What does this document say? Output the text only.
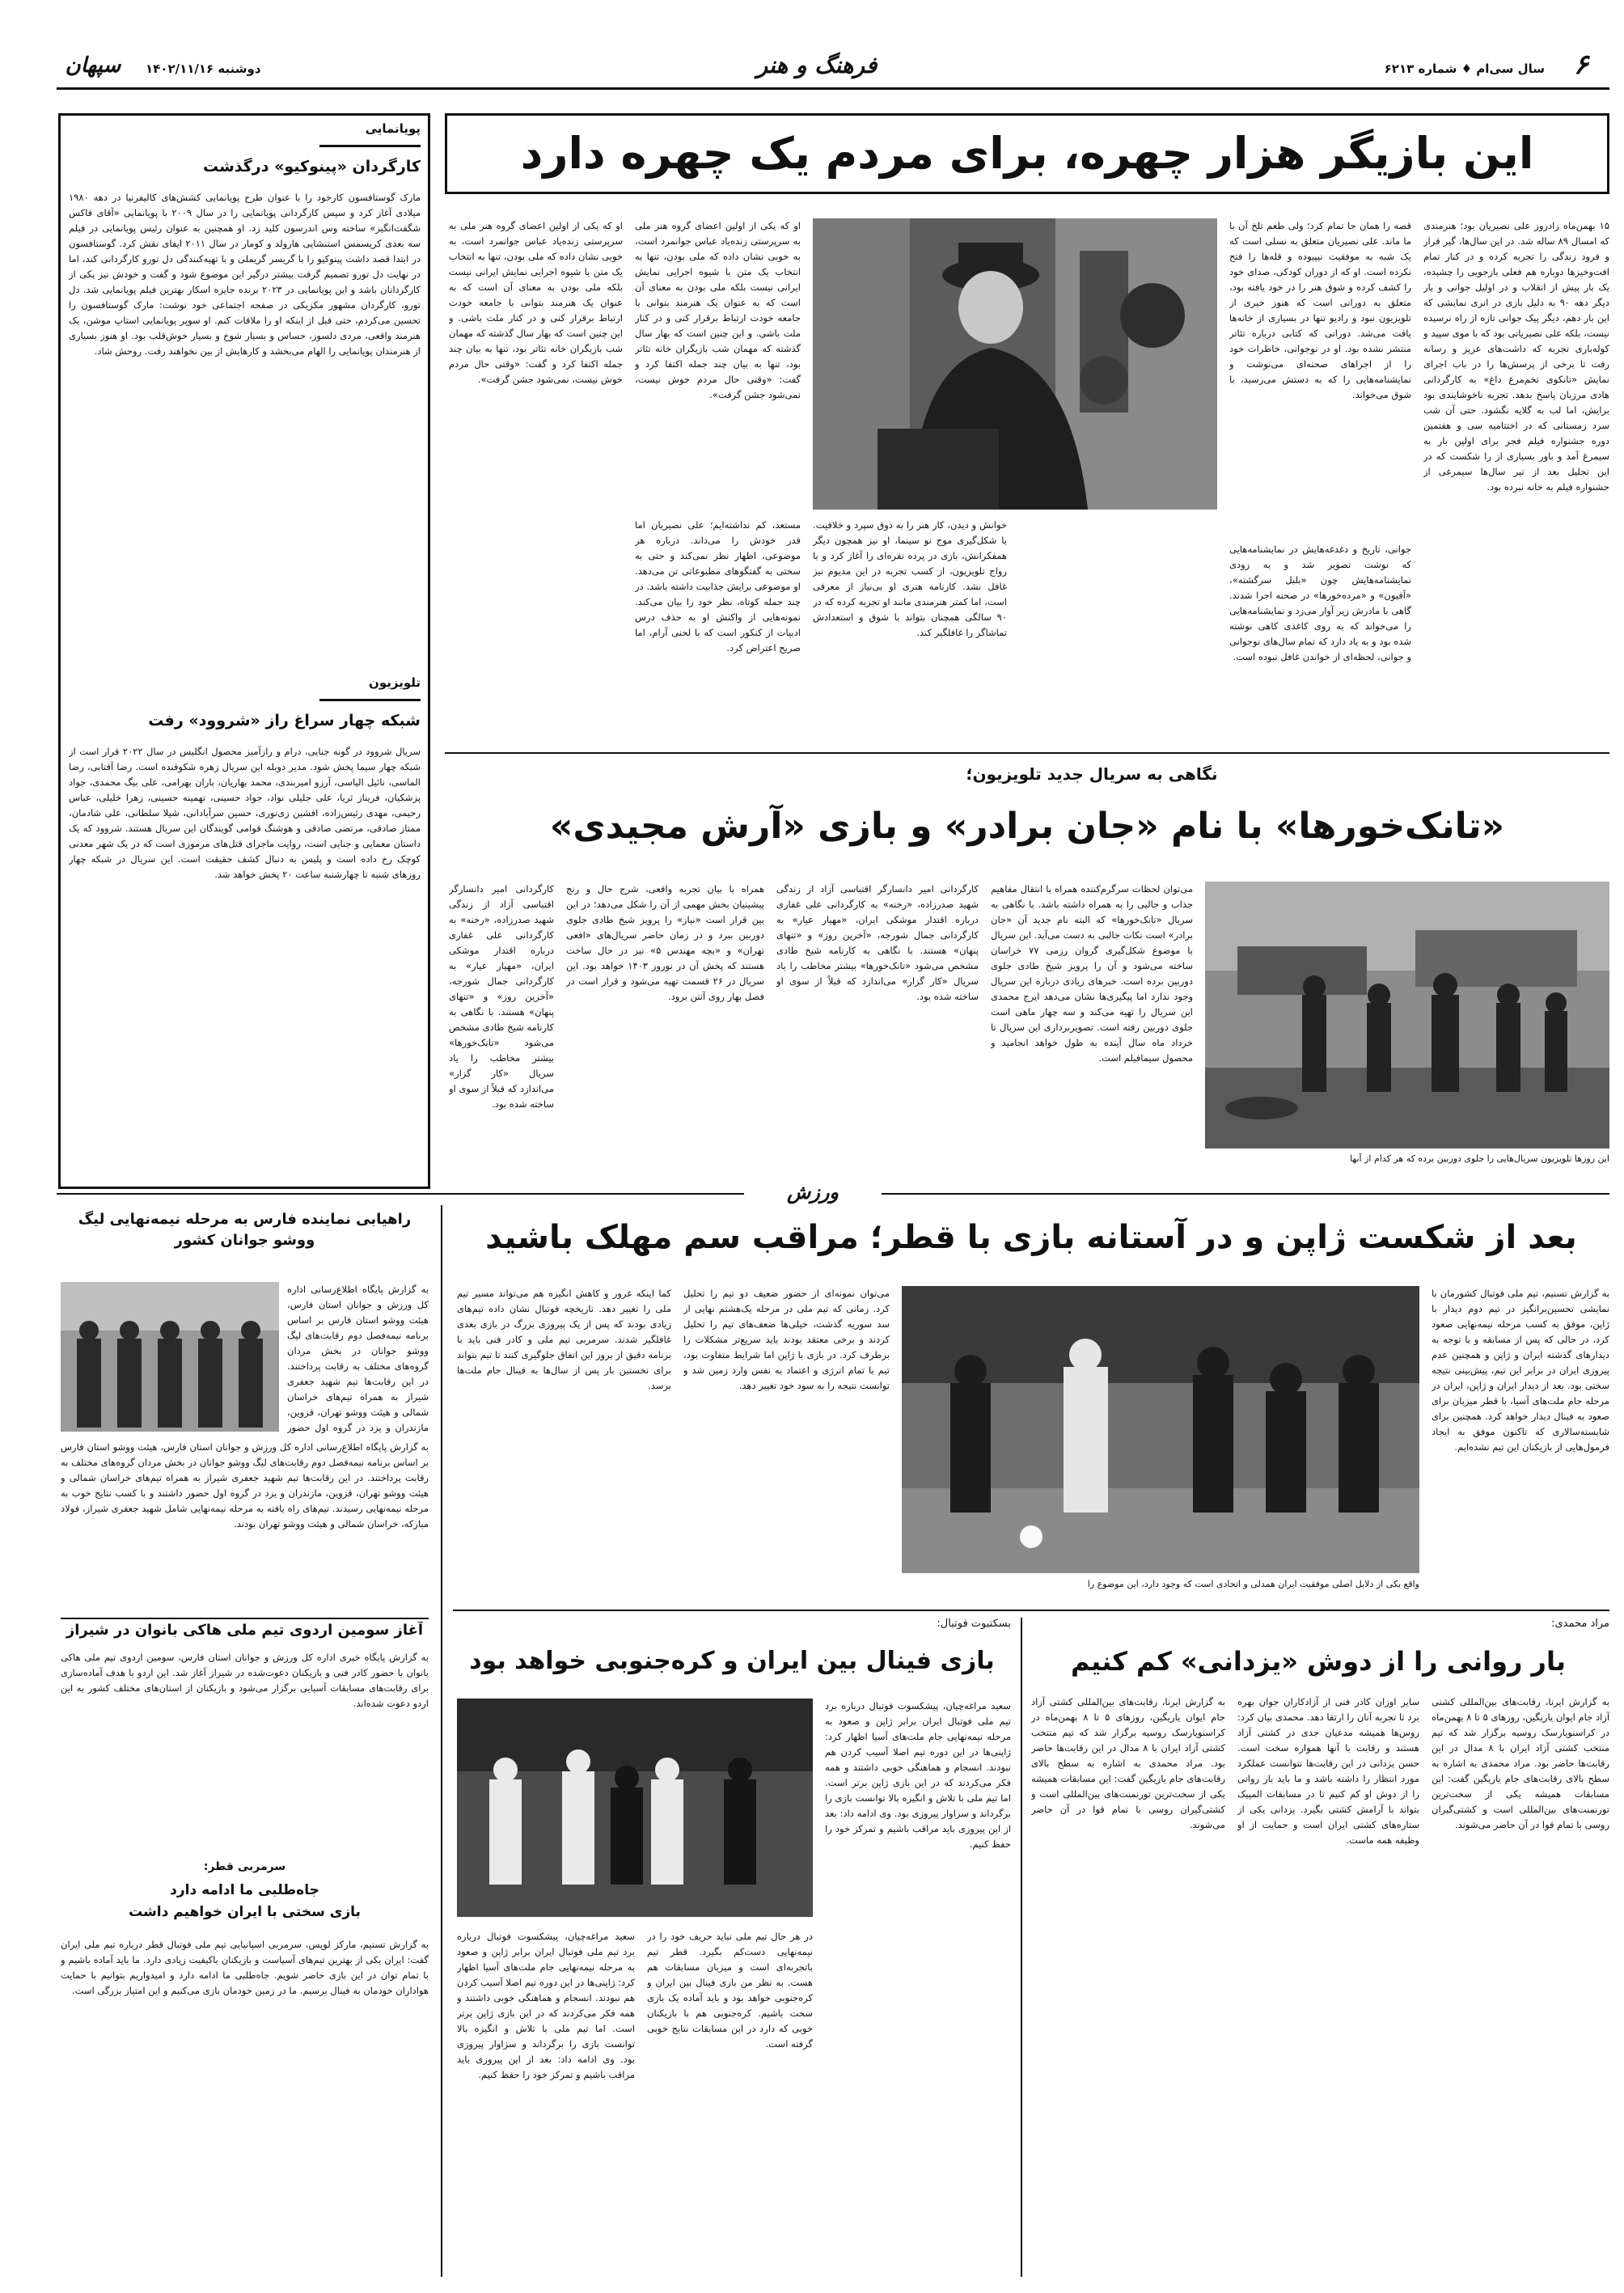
۶
سال سی‌ام ♦ شماره ۶۲۱۳
فرهنگ و هنر
دوشنبه ۱۴۰۲/۱۱/۱۶
سپهان
پویانمایی
کارگردان «پینوکیو» درگذشت
مارک گوستافسون کارخود را با عنوان طرح پویانمایی کشش‌های کالیفرنیا در دهه ۱۹۸۰ میلادی آغاز کرد و سپس کارگردانی پویانمایی را در سال ۲۰۰۹ با پویانمایی «آقای فاکس شگفت‌انگیز» ساخته وس اندرسون کلید زد. او همچنین به عنوان رئیس پویانمایی در فیلم سه بعدی کریسمس استنشایی هارولد و کومار در سال ۲۰۱۱ ایفای نقش کرد. گوستافسون در ابتدا قصد داشت پینوکیو را با گریسر گریملی و با تهیه‌کنندگی دل تورو کارگردانی کند، اما در نهایت دل تورو تصمیم گرفت بیشتر درگیر این موضوع شود و گفت و خودش نیز یکی از کارگردانان باشد و این پویانمایی در ۲۰۲۳ برنده جایزه اسکار بهترین فیلم پویانمایی شد. دل تورو، کارگردان مشهور مکزیکی در صفحه اجتماعی خود نوشت: مارک گوستافسون را تحسین می‌کردم، حتی قبل از اینکه او را ملاقات کنم. او سوپر پویانمایی استاپ موشن، یک هنرمند واقعی، مردی دلسوز، حساس و بسیار شوخ و بسیار خوش‌قلب بود. او هنوز بسیاری از هنرمندان پویانمایی را الهام می‌بخشد و کارهایش از بین نخواهند رفت. روحش شاد.
تلویزیون
شبکه چهار سراغ راز «شروود» رفت
سریال شروود در گونه جنایی، درام و رازآمیز محصول انگلیس در سال ۲۰۲۲ قرار است از شبکه چهار سیما پخش شود. مدیر دوبله این سریال زهره شکوفنده است. رضا آفتابی، رضا الماسی، نائیل الیاسی، آرزو امیربندی، محمد بهاریان، باران بهرامی، علی بیگ محمدی، جواد پزشکیان، فریناز ثریا، علی جلیلی نواد، جواد حسینی، تهمینه حسینی، زهرا خلیلی، عباس رحیمی، مهدی رئیس‌زاده، افشین زی‌نوری، حسین سرآبادانی، شیلا سلطانی، علی شادمان، ممتاز صادقی، مرتضی صادقی و هوشنگ قوامی گویندگان این سریال هستند. شروود که یک داستان معمایی و جنایی است، روایت ماجرای قتل‌های مرموزی است که در یک شهر معدنی کوچک رخ داده است و پلیس به دنبال کشف حقیقت است. این سریال در شبکه چهار روزهای شنبه تا چهارشنبه ساعت ۲۰ پخش خواهد شد.
این بازیگر هزار چهره، برای مردم یک چهره دارد
۱۵ بهمن‌ماه زادروز علی نصیریان بود؛ هنرمندی که امسال ۸۹ ساله شد. در این سال‌ها، گیر قرار و فرود زندگی را تجربه کرده و در کنار تمام افت‌وخیزها دوباره هم فعلی بازجویی را چشیده، یک بار پیش از انقلاب و در اولیل جوانی و بار دیگر دهه ۹۰ به دلیل بازی در انری نمایشی که این بار دهم، دیگر پیک جوانی تازه از راه نرسیده نیست، بلکه علی نصیریانی بود که با موی سپید و کوله‌باری تجربه که داشت‌های عریز و رسانه رفت تا برخی از پرسش‌ها را در باب اجرای نمایش «تانکوی تخم‌مرغ داغ» به کارگردانی هادی مرزبان پاسخ بدهد. تجربه ناخوشایندی بود برایش، اما لب به گلایه نگشود. حتی آن شب سرد زمستانی که در اختتامیه سی و هفتمین دوره جشنواره فیلم فجر برای اولین بار به سیمرغ آمد و باور بسیاری از را شکست که در این تجلیل بعد از تیر سال‌ها سیمرغی از جشنواره فیلم به خانه نبرده بود.
قصه را همان جا تمام کرد؛ ولی طعم تلخ آن با ما ماند. علی نصیریان متعلق به نسلی است که یک شبه به موفقیت نیپیوده و قله‌ها را فتح نکرده است. او که از دوران کودکی، صدای خود را کشف کرده و شوق هنر را در خود یافته بود، متعلق به دورانی است که هنوز خبری از تلویزیون نبود و رادیو تنها در بسیاری از خانه‌ها یافت می‌شد. دورانی که کتابی درباره تئاتر منتشر نشده بود. او در نوجوانی، خاطرات خود را از اجراهای صحنه‌ای می‌نوشت و نمایشنامه‌هایی را که به دستش می‌رسید، با شوق می‌خواند.
جوانی، تاریخ و دغدغه‌هایش در نمایشنامه‌هایی که نوشت تصویر شد و به زودی نمایشنامه‌هایش چون «بلبل سرگشته»، «آفیون» و «مرده‌خورها» در صحنه اجرا شدند. گاهی با مادرش زیر آوار می‌زد و نمایشنامه‌هایی را می‌خواند که به روی کاغذی کاهی نوشته شده بود و به یاد دارد که تمام سال‌های نوجوانی و جوانی، لحظه‌ای از خواندن غافل نبوده است.
خوانش و دیدن، کار هنر را به ذوق سپرد و خلاقیت. با شکل‌گیری موج نو سینما، او نیز همچون دیگر همفکرانش، بازی در پرده نقره‌ای را آغاز کرد و با رواج تلویزیون، از کسب تجربه در این مدیوم نیز غافل نشد. کارنامه هنری او بی‌نیاز از معرفی است، اما کمتر هنرمندی مانند او تجربه کرده که در ۹۰ سالگی همچنان بتواند با شوق و استعدادش تماشاگر را غافلگیر کند.
مستعد، کم نداشته‌ایم؛ علی نصیریان اما قدر خودش را می‌داند. درباره هر موضوعی، اظهار نظر نمی‌کند و حتی به سختی به گفتگوهای مطبوعاتی تن می‌دهد. او موضوعی برایش جذابیت داشته باشد. در چند جمله کوتاه، نظر خود را بیان می‌کند. نمونه‌هایی از واکنش او به حذف درس ادبیات از کنکور است که با لحنی آرام، اما صریح اعتراض کرد.
او که یکی از اولین اعضای گروه هنر ملی به سرپرستی زنده‌یاد عباس جوانمرد است، به خوبی نشان داده که ملی بودن، تنها به انتخاب یک متن با شیوه اجرایی نمایش ایرانی نیست بلکه ملی بودن به معنای آن است که به عنوان یک هنرمند بتوانی با جامعه خودت ارتباط برقرار کنی و در کنار ملت باشی. و این چنین است که بهار سال گذشته که مهمان شب بازیگران خانه تئاتر بود، تنها به بیان چند جمله اکتفا کرد و گفت: «وقتی حال مردم خوش نیست، نمی‌شود جشن گرفت».
او که یکی از اولین اعضای گروه هنر ملی به سرپرستی زنده‌یاد عباس جوانمرد است، به خوبی نشان داده که ملی بودن، تنها به انتخاب یک متن با شیوه اجرایی نمایش ایرانی نیست بلکه ملی بودن به معنای آن است که به عنوان یک هنرمند بتوانی با جامعه خودت ارتباط برقرار کنی و در کنار ملت باشی. و این چنین است که بهار سال گذشته که مهمان شب بازیگران خانه تئاتر بود، تنها به بیان چند جمله اکتفا کرد و گفت: «وقتی حال مردم خوش نیست، نمی‌شود جشن گرفت».
نگاهی به سریال جدید تلویزیون؛
«تانک‌خورها» با نام «جان برادر» و بازی «آرش مجیدی»
این روزها تلویزیون سریال‌هایی را جلوی دوربین برده که هر کدام از آنها
می‌توان لحظات سرگرم‌کننده همراه با انتقال مفاهیم جذاب و جالبی را به همراه داشته باشد. با نگاهی به سریال «تانک‌خورها» که البته نام جدید آن «جان برادر» است نکات جالبی به دست می‌آید. این سریال با موضوع شکل‌گیری گروان رزمی ۷۷ خراسان ساخته می‌شود و آن را پرویز شیخ طادی جلوی دوربین برده است. خبرهای زیادی درباره این سریال وجود ندارد اما پیگیری‌ها نشان می‌دهد ایرج محمدی این سریال را تهیه می‌کند و سه چهار ماهی است جلوی دوربین رفته است. تصویربرداری این سریال تا خرداد ماه سال آینده به طول خواهد انجامید و محصول سیمافیلم است.
کارگردانی امیر دانسارگر اقتباسی آزاد از زندگی شهید صدرزاده، «رخنه» به کارگردانی علی غفاری درباره اقتدار موشکی ایران، «مهیار عیار» به کارگردانی جمال شورجه، «آخرین روز» و «تنهای پنهان» هستند. با نگاهی به کارنامه شیخ طادی مشخص می‌شود «تانک‌خورها» بیشتر مخاطب را یاد سریال «کار گزار» می‌اندازد که قبلاً از سوی او ساخته شده بود.
همراه با بیان تجربه واقعی، شرح حال و رنج پیشینیان بخش مهمی از آن را شکل می‌دهد؛ در این بین قرار است «نیاز» را پرویز شیخ طادی جلوی دوربین ببرد و در زمان حاضر سریال‌های «افعی تهران» و «بچه مهندس ۵» نیز در حال ساخت هستند که پخش آن در نوروز ۱۴۰۳ خواهد بود. این سریال در ۲۶ قسمت تهیه می‌شود و قرار است در فصل بهار روی آنتن برود.
کارگردانی امیر دانسارگر اقتباسی آزاد از زندگی شهید صدرزاده، «رخنه» به کارگردانی علی غفاری درباره اقتدار موشکی ایران، «مهیار عیار» به کارگردانی جمال شورجه، «آخرین روز» و «تنهای پنهان» هستند. با نگاهی به کارنامه شیخ طادی مشخص می‌شود «تانک‌خورها» بیشتر مخاطب را یاد سریال «کار گزار» می‌اندازد که قبلاً از سوی او ساخته شده بود.
ورزش
راهیابی نماینده فارس به مرحله نیمه‌نهایی لیگ ووشو جوانان کشور
به گزارش پایگاه اطلاع‌رسانی اداره کل ورزش و جوانان استان فارس، هیئت ووشو استان فارس بر اساس برنامه نیمه‌فصل دوم رقابت‌های لیگ ووشو جوانان در بخش مردان گروه‌های مختلف به رقابت پرداختند. در این رقابت‌ها تیم شهید جعفری شیراز به همراه تیم‌های خراسان شمالی و هیئت ووشو تهران، قزوین، مازندران و یزد در گروه اول حضور
به گزارش پایگاه اطلاع‌رسانی اداره کل ورزش و جوانان استان فارس، هیئت ووشو استان فارس بر اساس برنامه نیمه‌فصل دوم رقابت‌های لیگ ووشو جوانان در بخش مردان گروه‌های مختلف به رقابت پرداختند. در این رقابت‌ها تیم شهید جعفری شیراز به همراه تیم‌های خراسان شمالی و هیئت ووشو تهران، قزوین، مازندران و یزد در گروه اول حضور داشتند و با کسب نتایج خوب به مرحله نیمه‌نهایی رسیدند. تیم‌های راه یافته به مرحله نیمه‌نهایی شامل شهید جعفری شیراز، فولاد مبارکه، خراسان شمالی و هیئت ووشو تهران بودند.
آغاز سومین اردوی تیم ملی هاکی بانوان در شیراز
به گزارش پایگاه خبری اداره کل ورزش و جوانان استان فارس، سومین اردوی تیم ملی هاکی بانوان با حضور کادر فنی و بازیکنان دعوت‌شده در شیراز آغاز شد. این اردو با هدف آماده‌سازی برای رقابت‌های مسابقات آسیایی برگزار می‌شود و بازیکنان از استان‌های مختلف کشور به این اردو دعوت شده‌اند.
سرمربی قطر:
جاه‌طلبی ما ادامه دارد
بازی سختی با ایران خواهیم داشت
به گزارش تسنیم، مارکز لوپس، سرمربی اسپانیایی تیم ملی فوتبال قطر درباره تیم ملی ایران گفت: ایران یکی از بهترین تیم‌های آسیاست و بازیکنان باکیفیت زیادی دارد. ما باید آماده باشیم و با تمام توان در این بازی حاضر شویم. جاه‌طلبی ما ادامه دارد و امیدواریم بتوانیم با حمایت هواداران خودمان به فینال برسیم. ما در زمین خودمان بازی می‌کنیم و این امتیاز بزرگی است.
بعد از شکست ژاپن و در آستانه بازی با قطر؛ مراقب سم مهلک باشید
به گزارش تسنیم، تیم ملی فوتبال کشورمان با نمایشی تحسین‌برانگیز در تیم دوم دیدار با ژاپن، موفق به کسب مرحله نیمه‌نهایی صعود کرد، در حالی که پس از مسابقه و با توجه به دیدارهای گذشته ایران و ژاپن و همچنین عدم پیروزی ایران در برابر این تیم، پیش‌بینی نتیجه سختی بود. بعد از دیدار ایران و ژاپن، ایران در مرحله جام ملت‌های آسیا، با قطر میزبان برای صعود به فینال دیدار خواهد کرد. همچنین برای شایسته‌سالاری که تاکنون موفق به ایجاد فرمول‌هایی از بازیکنان این تیم نشده‌ایم.
واقع یکی از دلایل اصلی موفقیت ایران همدلی و اتحادی است که وجود دارد، این موضوع را
می‌توان نمونه‌ای از حضور ضعیف دو تیم را تحلیل کرد. زمانی که تیم ملی در مرحله یک‌هشتم نهایی از سد سوریه گذشت، خیلی‌ها ضعف‌های تیم را تحلیل کردند و برخی معتقد بودند باید سریع‌تر مشکلات را برطرف کرد. در بازی با ژاپن اما شرایط متفاوت بود، تیم با تمام انرژی و اعتماد به نفس وارد زمین شد و توانست نتیجه را به سود خود تغییر دهد.
کما اینکه غرور و کاهش انگیزه هم می‌تواند مسیر تیم ملی را تغییر دهد. تاریخچه فوتبال نشان داده تیم‌های زیادی بودند که پس از یک پیروزی بزرگ در بازی بعدی غافلگیر شدند. سرمربی تیم ملی و کادر فنی باید با برنامه دقیق از بروز این اتفاق جلوگیری کنند تا تیم بتواند برای نخستین بار پس از سال‌ها به فینال جام ملت‌ها برسد.
مراد محمدی:
بار روانی را از دوش «یزدانی» کم کنیم
به گزارش ایرنا، رقابت‌های بین‌المللی کشتی آزاد جام ایوان یاریگین، روزهای ۵ تا ۸ بهمن‌ماه در کراسنویارسک روسیه برگزار شد که تیم منتخب کشتی آزاد ایران با ۸ مدال در این رقابت‌ها حاضر بود. مراد محمدی به اشاره به سطح بالای رقابت‌های جام یاریگین گفت: این مسابقات همیشه یکی از سخت‌ترین تورنمنت‌های بین‌المللی است و کشتی‌گیران روسی با تمام قوا در آن حاضر می‌شوند.
سایر اوزان کادر فنی از آزادکاران جوان بهره برد تا تجربه آنان را ارتقا دهد. محمدی بیان کرد: روس‌ها همیشه مدعیان جدی در کشتی آزاد هستند و رقابت با آنها همواره سخت است. حسن یزدانی در این رقابت‌ها نتوانست عملکرد مورد انتظار را داشته باشد و ما باید بار روانی را از دوش او کم کنیم تا در مسابقات المپیک بتواند با آرامش کشتی بگیرد. یزدانی یکی از ستاره‌های کشتی ایران است و حمایت از او وظیفه همه ماست.
به گزارش ایرنا، رقابت‌های بین‌المللی کشتی آزاد جام ایوان یاریگین، روزهای ۵ تا ۸ بهمن‌ماه در کراسنویارسک روسیه برگزار شد که تیم منتخب کشتی آزاد ایران با ۸ مدال در این رقابت‌ها حاضر بود. مراد محمدی به اشاره به سطح بالای رقابت‌های جام یاریگین گفت: این مسابقات همیشه یکی از سخت‌ترین تورنمنت‌های بین‌المللی است و کشتی‌گیران روسی با تمام قوا در آن حاضر می‌شوند.
بسکتبوت فوتبال:
بازی فینال بین ایران و کره‌جنوبی خواهد بود
سعید مراغه‌چیان، پیشکسوت فوتبال درباره برد تیم ملی فوتبال ایران برابر ژاپن و صعود به مرحله نیمه‌نهایی جام ملت‌های آسیا اظهار کرد: ژاپنی‌ها در این دوره تیم اصلا آسیب کردن هم نبودند. انسجام و هماهنگی خوبی داشتند و همه فکر می‌کردند که در این بازی ژاپن برتر است. اما تیم ملی با تلاش و انگیزه بالا توانست بازی را برگرداند و سزاوار پیروزی بود. وی ادامه داد: بعد از این پیروزی باید مراقب باشیم و تمرکز خود را حفظ کنیم.
در هر حال تیم ملی نباید حریف خود را در نیمه‌نهایی دست‌کم بگیرد. قطر تیم باتجربه‌ای است و میزبان مسابقات هم هست. به نظر من بازی فینال بین ایران و کره‌جنوبی خواهد بود و باید آماده یک بازی سخت باشیم. کره‌جنوبی هم با بازیکنان خوبی که دارد در این مسابقات نتایج خوبی گرفته است.
سعید مراغه‌چیان، پیشکسوت فوتبال درباره برد تیم ملی فوتبال ایران برابر ژاپن و صعود به مرحله نیمه‌نهایی جام ملت‌های آسیا اظهار کرد: ژاپنی‌ها در این دوره تیم اصلا آسیب کردن هم نبودند. انسجام و هماهنگی خوبی داشتند و همه فکر می‌کردند که در این بازی ژاپن برتر است. اما تیم ملی با تلاش و انگیزه بالا توانست بازی را برگرداند و سزاوار پیروزی بود. وی ادامه داد: بعد از این پیروزی باید مراقب باشیم و تمرکز خود را حفظ کنیم.
